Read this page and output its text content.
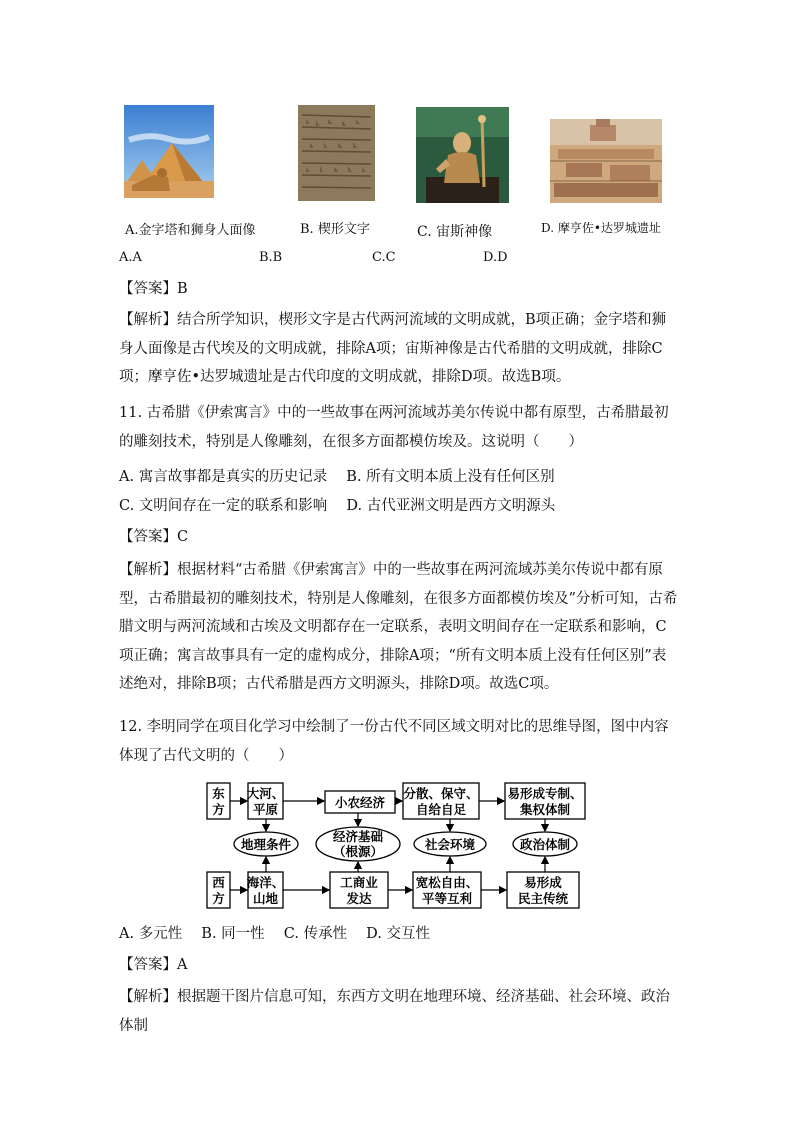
A.金字塔和狮身人面像	B. 楔形文字	C. 宙斯神像	D. 摩亨佐•达罗城遗址
A.A	B.B	C.C	D.D
【答案】B
【解析】结合所学知识，楔形文字是古代两河流域的文明成就，B项正确；金字塔和狮身人面像是古代埃及的文明成就，排除A项；宙斯神像是古代希腊的文明成就，排除C项；摩亨佐•达罗城遗址是古代印度的文明成就，排除D项。故选B项。
11. 古希腊《伊索寓言》中的一些故事在两河流域苏美尔传说中都有原型，古希腊最初的雕刻技术，特别是人像雕刻，在很多方面都模仿埃及。这说明（　　）
A. 寓言故事都是真实的历史记录　 B. 所有文明本质上没有任何区别
C. 文明间存在一定的联系和影响　 D. 古代亚洲文明是西方文明源头
【答案】C
【解析】根据材料“古希腊《伊索寓言》中的一些故事在两河流域苏美尔传说中都有原型，古希腊最初的雕刻技术，特别是人像雕刻，在很多方面都模仿埃及”分析可知，古希腊文明与两河流域和古埃及文明都存在一定联系，表明文明间存在一定联系和影响，C项正确；寓言故事具有一定的虚构成分，排除A项；“所有文明本质上没有任何区别”表述绝对，排除B项；古代希腊是西方文明源头，排除D项。故选C项。
12. 李明同学在项目化学习中绘制了一份古代不同区域文明对比的思维导图，图中内容体现了古代文明的（　　）
东
方
西
方
大河、
平原	小农经济
分散、保守、
自给自足
易形成专制、
集权体制
地理条件
经济基础
（根源）	社会环境	政治体制
海洋、
山地
工商业
发达
宽松自由、
平等互利
易形成
民主传统
A. 多元性　 B. 同一性　 C. 传承性　 D. 交互性
【答案】A
【解析】根据题干图片信息可知，东西方文明在地理环境、经济基础、社会环境、政治体制
